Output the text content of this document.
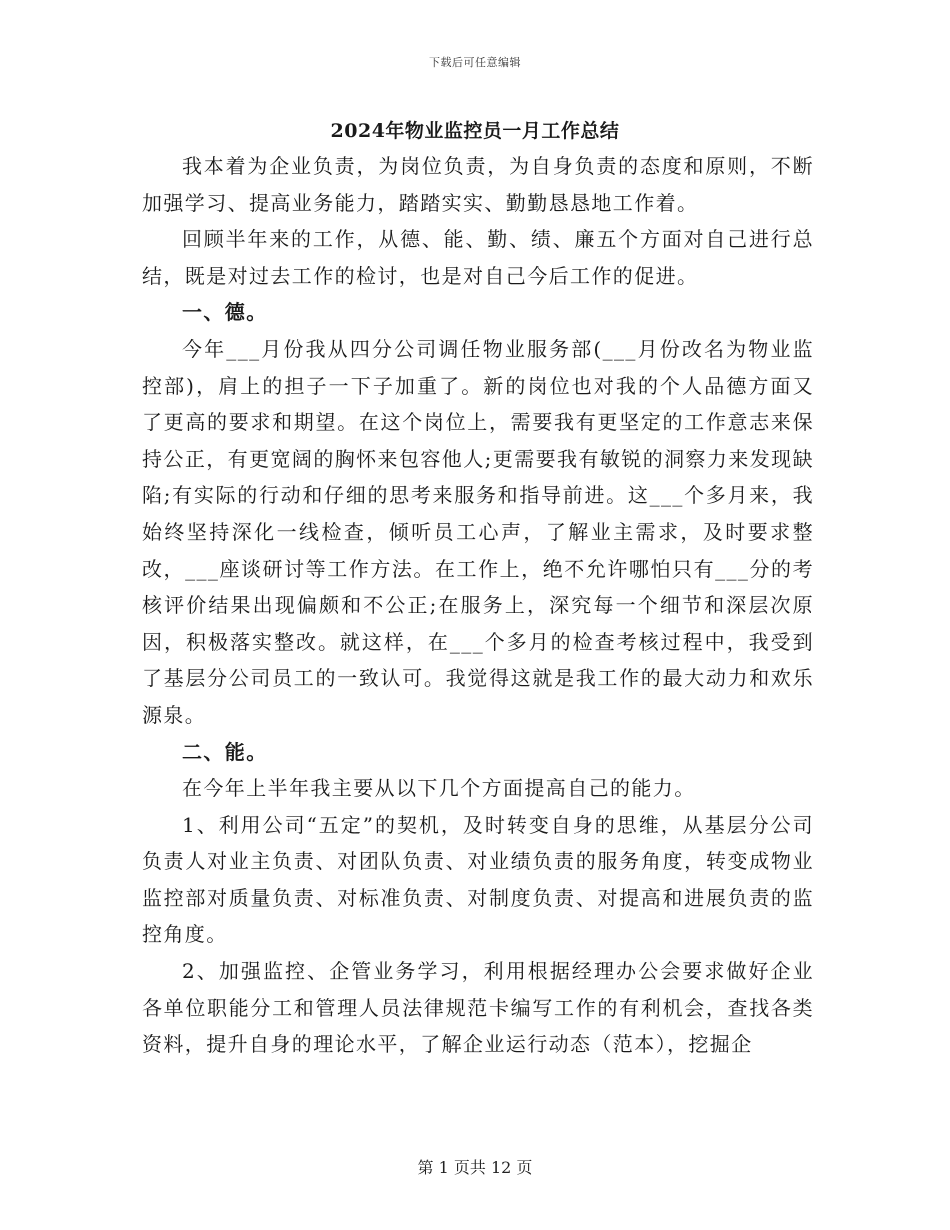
下载后可任意编辑
2024年物业监控员一月工作总结

我本着为企业负责，为岗位负责，为自身负责的态度和原则，不断加强学习、提高业务能力，踏踏实实、勤勤恳恳地工作着。

回顾半年来的工作，从德、能、勤、绩、廉五个方面对自己进行总结，既是对过去工作的检讨，也是对自己今后工作的促进。

一、德。

今年___月份我从四分公司调任物业服务部(___月份改名为物业监控部)，肩上的担子一下子加重了。新的岗位也对我的个人品德方面又了更高的要求和期望。在这个岗位上，需要我有更坚定的工作意志来保持公正，有更宽阔的胸怀来包容他人;更需要我有敏锐的洞察力来发现缺陷;有实际的行动和仔细的思考来服务和指导前进。这___个多月来，我始终坚持深化一线检查，倾听员工心声，了解业主需求，及时要求整改，___座谈研讨等工作方法。在工作上，绝不允许哪怕只有___分的考核评价结果出现偏颇和不公正;在服务上，深究每一个细节和深层次原因，积极落实整改。就这样，在___个多月的检查考核过程中，我受到了基层分公司员工的一致认可。我觉得这就是我工作的最大动力和欢乐源泉。

二、能。

在今年上半年我主要从以下几个方面提高自己的能力。

1、利用公司“五定”的契机，及时转变自身的思维，从基层分公司负责人对业主负责、对团队负责、对业绩负责的服务角度，转变成物业监控部对质量负责、对标准负责、对制度负责、对提高和进展负责的监控角度。

2、加强监控、企管业务学习，利用根据经理办公会要求做好企业各单位职能分工和管理人员法律规范卡编写工作的有利机会，查找各类资料，提升自身的理论水平，了解企业运行动态（范本），挖掘企

第 1 页共 12 页
